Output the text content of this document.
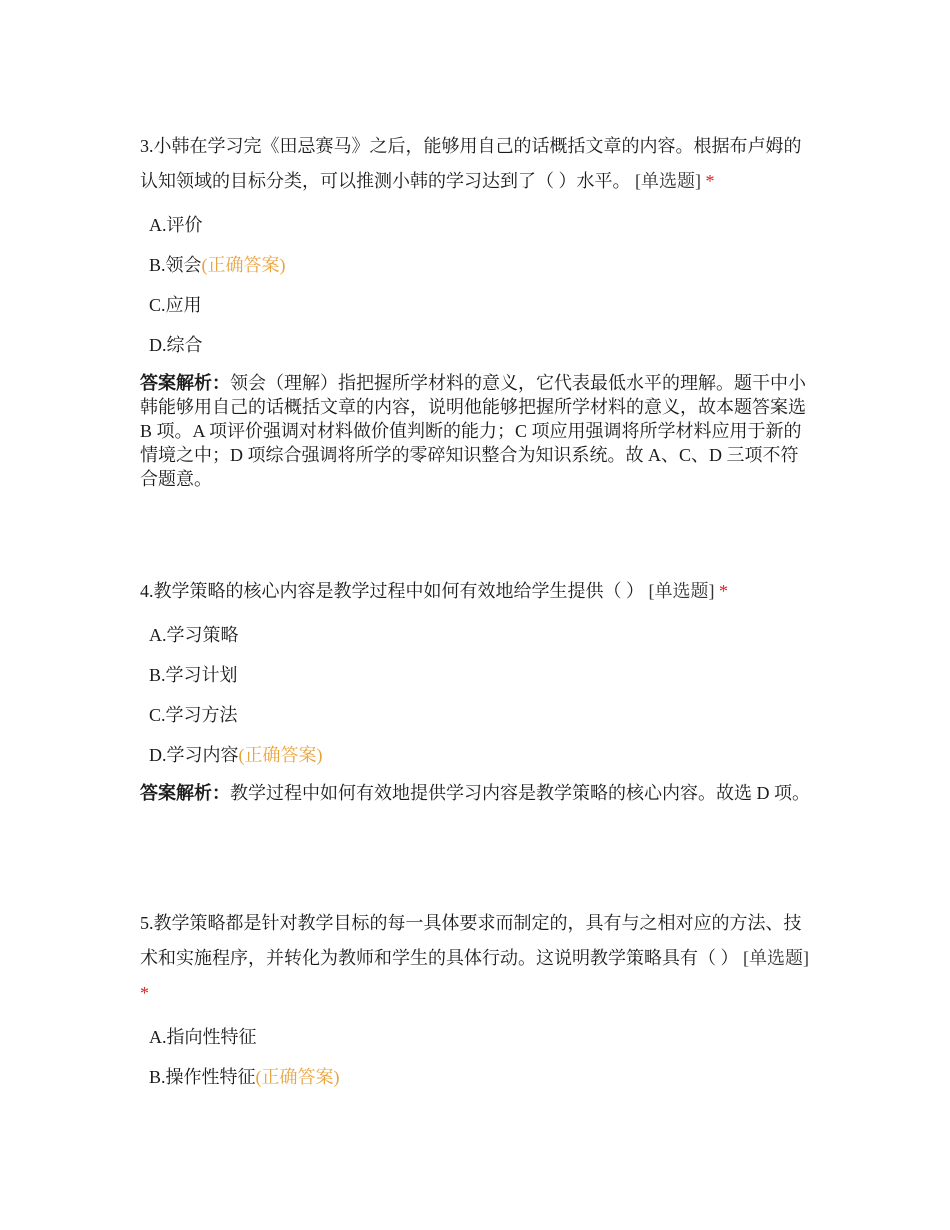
3.小韩在学习完《田忌赛马》之后，能够用自己的话概括文章的内容。根据布卢姆的认知领域的目标分类，可以推测小韩的学习达到了（ ）水平。 [单选题] *

A.评价
B.领会(正确答案)
C.应用
D.综合

答案解析：领会（理解）指把握所学材料的意义，它代表最低水平的理解。题干中小韩能够用自己的话概括文章的内容，说明他能够把握所学材料的意义，故本题答案选 B 项。A 项评价强调对材料做价值判断的能力；C 项应用强调将所学材料应用于新的情境之中；D 项综合强调将所学的零碎知识整合为知识系统。故 A、C、D 三项不符合题意。

4.教学策略的核心内容是教学过程中如何有效地给学生提供（ ） [单选题] *

A.学习策略
B.学习计划
C.学习方法
D.学习内容(正确答案)

答案解析：教学过程中如何有效地提供学习内容是教学策略的核心内容。故选 D 项。

5.教学策略都是针对教学目标的每一具体要求而制定的，具有与之相对应的方法、技术和实施程序，并转化为教师和学生的具体行动。这说明教学策略具有（ ） [单选题] *

A.指向性特征
B.操作性特征(正确答案)
